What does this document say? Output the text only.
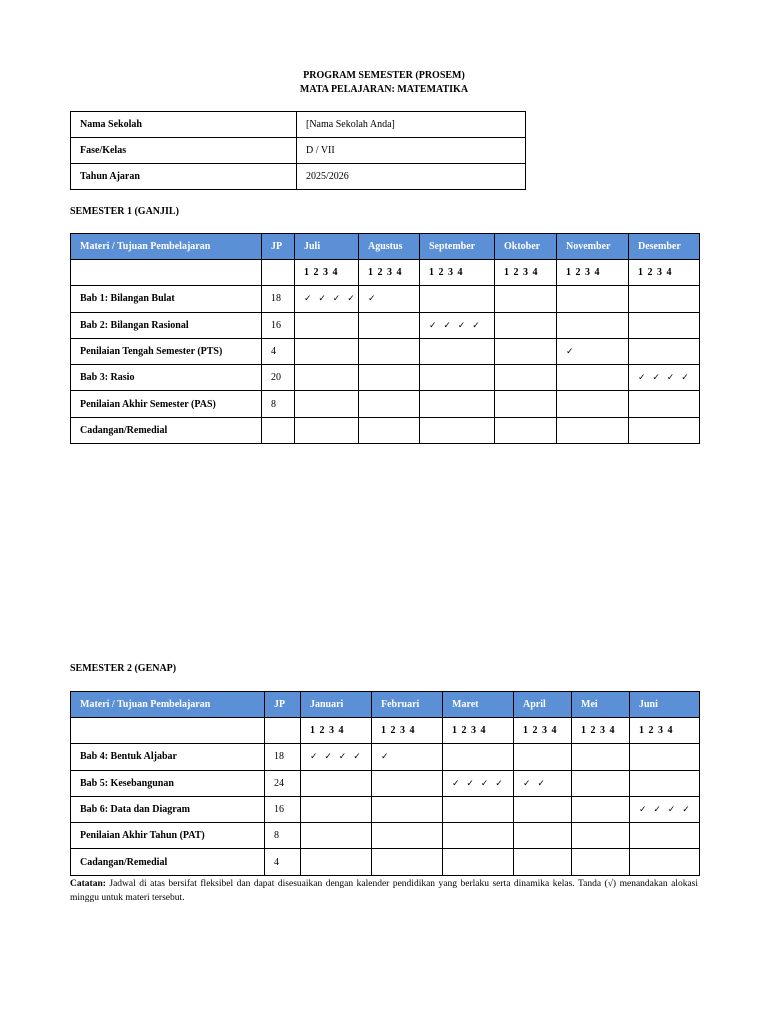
PROGRAM SEMESTER (PROSEM)
MATA PELAJARAN: MATEMATIKA
Nama Sekolah	[Nama Sekolah Anda]
Fase/Kelas	D / VII
Tahun Ajaran	2025/2026
SEMESTER 1 (GANJIL)
Materi / Tujuan Pembelajaran	JP	Juli	Agustus	September	Oktober	November	Desember
		1 2 3 4	1 2 3 4	1 2 3 4	1 2 3 4	1 2 3 4	1 2 3 4
Bab 1: Bilangan Bulat	18	✓ ✓ ✓ ✓	✓				
Bab 2: Bilangan Rasional	16			✓ ✓ ✓ ✓			
Penilaian Tengah Semester (PTS)	4					✓	
Bab 3: Rasio	20						✓ ✓ ✓ ✓
Penilaian Akhir Semester (PAS)	8						
Cadangan/Remedial							
SEMESTER 2 (GENAP)
Materi / Tujuan Pembelajaran	JP	Januari	Februari	Maret	April	Mei	Juni
		1 2 3 4	1 2 3 4	1 2 3 4	1 2 3 4	1 2 3 4	1 2 3 4
Bab 4: Bentuk Aljabar	18	✓ ✓ ✓ ✓	✓				
Bab 5: Kesebangunan	24			✓ ✓ ✓ ✓	✓ ✓		
Bab 6: Data dan Diagram	16						✓ ✓ ✓ ✓
Penilaian Akhir Tahun (PAT)	8						
Cadangan/Remedial	4						
Catatan: Jadwal di atas bersifat fleksibel dan dapat disesuaikan dengan kalender pendidikan yang berlaku serta dinamika kelas. Tanda (√) menandakan alokasi minggu untuk materi tersebut.
